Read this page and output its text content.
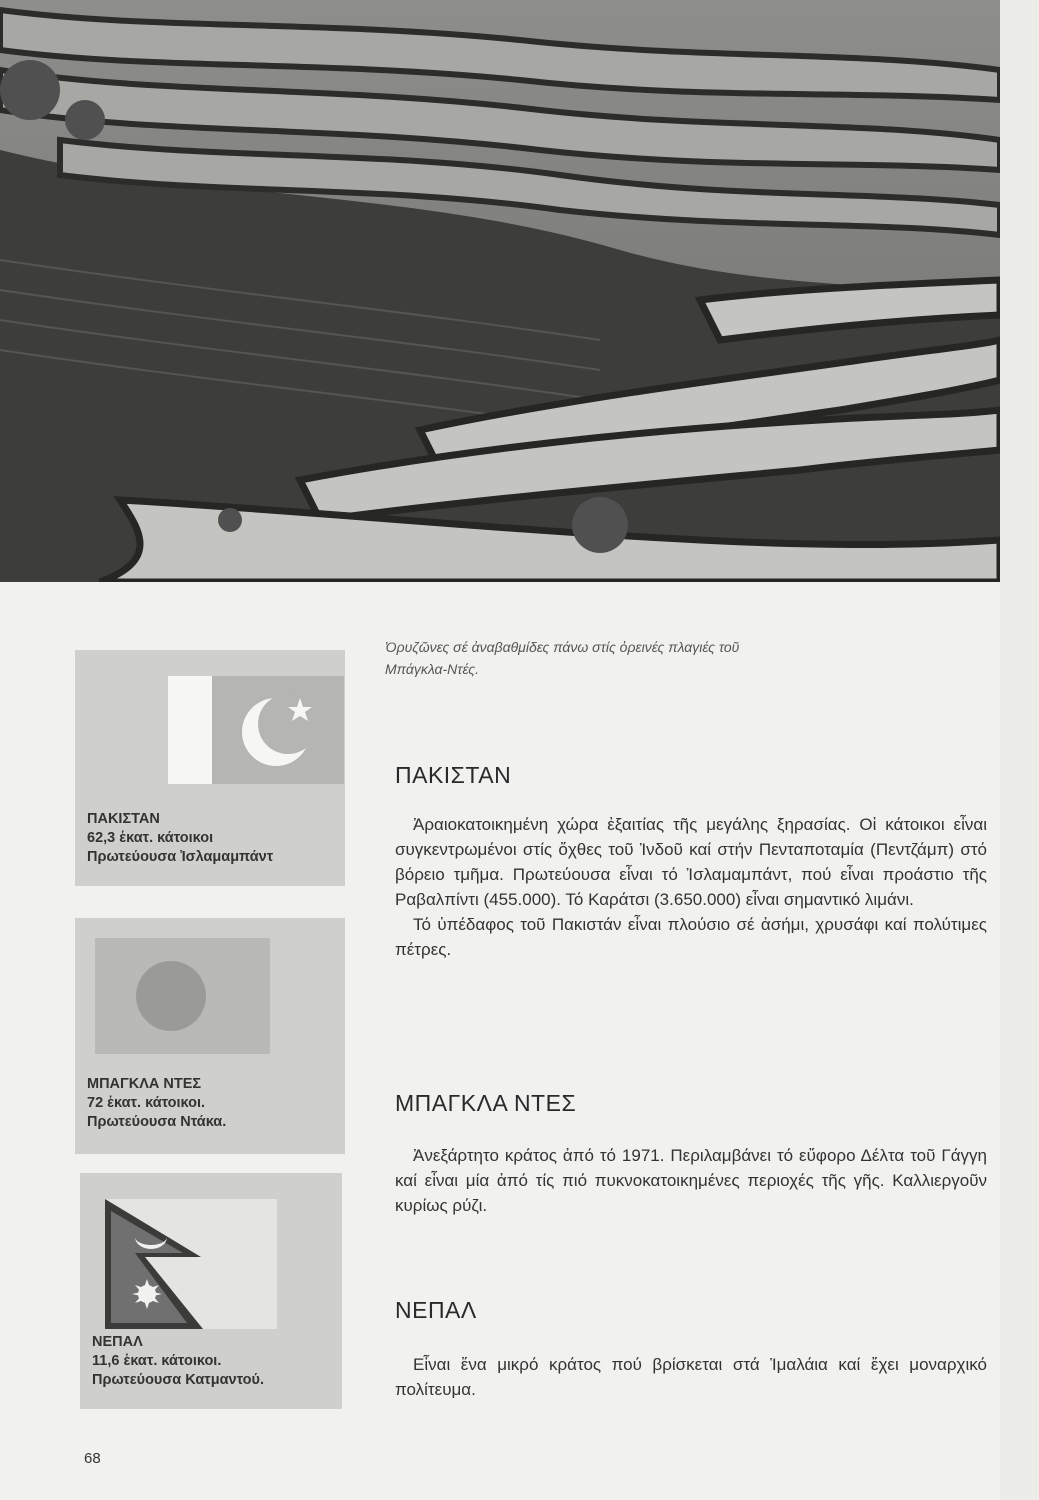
Ὀρυζῶνες σέ ἀναβαθμίδες πάνω στίς ὀρεινές πλαγιές τοῦ
Μπάγκλα-Ντές.
ΠΑΚΙΣΤΑΝ
62,3 ἑκατ. κάτοικοι
Πρωτεύουσα Ἰσλαμαμπάντ
ΜΠΑΓΚΛΑ ΝΤΕΣ
72 ἑκατ. κάτοικοι.
Πρωτεύουσα Ντάκα.
ΝΕΠΑΛ
11,6 ἑκατ. κάτοικοι.
Πρωτεύουσα Κατμαντού.
ΠΑΚΙΣΤΑΝ

Ἀραιοκατοικημένη χώρα ἐξαιτίας τῆς μεγάλης ξηρασίας. Οἱ κάτοικοι εἶναι συγκεντρωμένοι στίς ὄχθες τοῦ Ἰνδοῦ καί στήν Πενταποταμία (Πεντζάμπ) στό βόρειο τμῆμα. Πρωτεύουσα εἶναι τό Ἰσλαμαμπάντ, πού εἶναι προάστιο τῆς Ραβαλπίντι (455.000). Τό Καράτσι (3.650.000) εἶναι σημαντικό λιμάνι.

Τό ὑπέδαφος τοῦ Πακιστάν εἶναι πλούσιο σέ ἀσήμι, χρυσάφι καί πολύτιμες πέτρες.

ΜΠΑΓΚΛΑ ΝΤΕΣ

Ἀνεξάρτητο κράτος ἀπό τό 1971. Περιλαμβάνει τό εὔφορο Δέλτα τοῦ Γάγγη καί εἶναι μία ἀπό τίς πιό πυκνοκατοικημένες περιοχές τῆς γῆς. Καλλιεργοῦν κυρίως ρύζι.

ΝΕΠΑΛ

Εἶναι ἕνα μικρό κράτος πού βρίσκεται στά Ἱμαλάια καί ἔχει μοναρχικό πολίτευμα.

68
